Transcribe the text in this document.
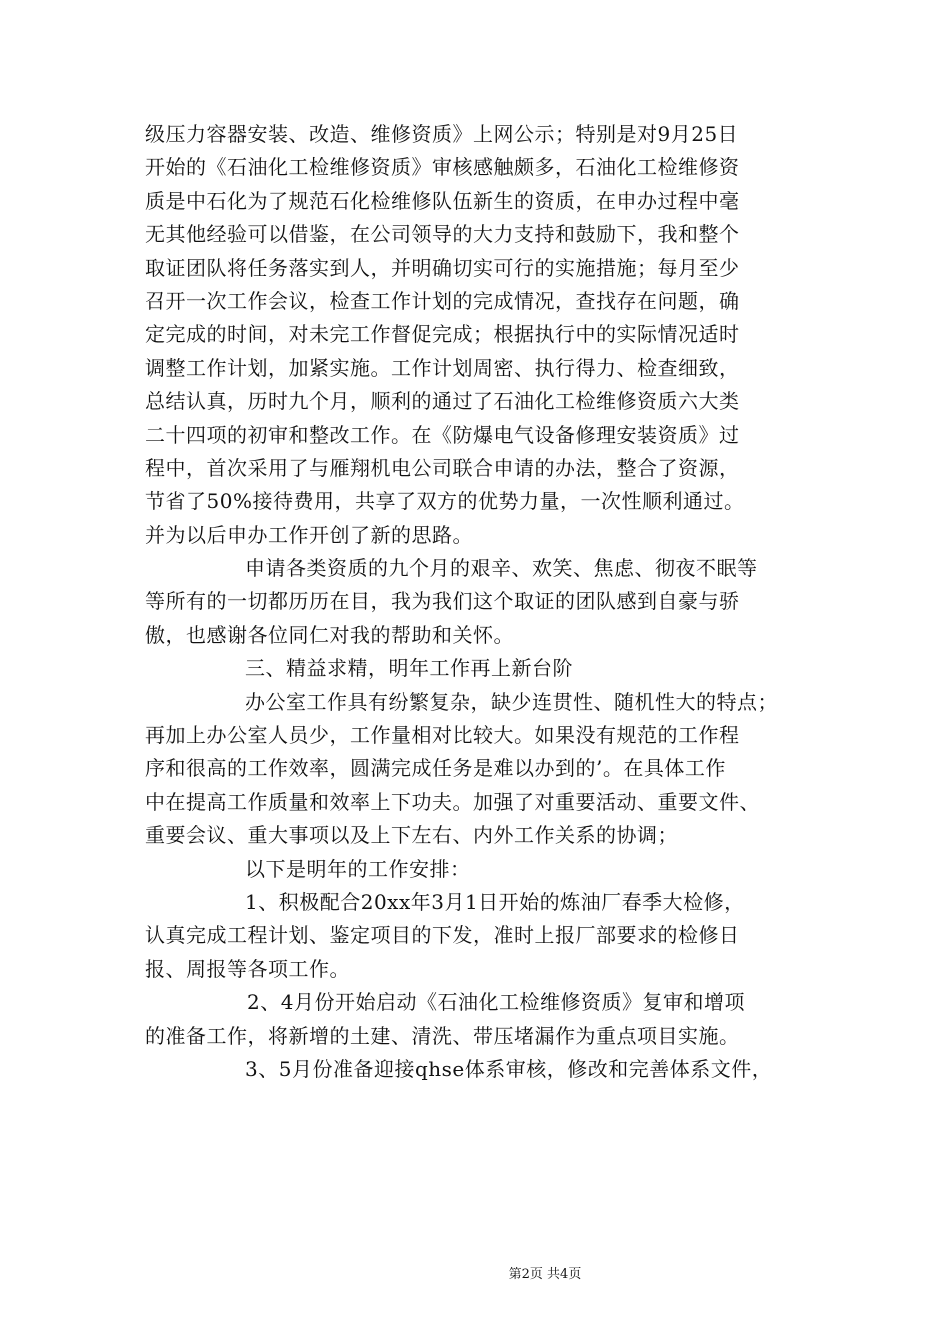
级压力容器安装、改造、维修资质》上网公示；特别是对9月25日
开始的《石油化工检维修资质》审核感触颇多，石油化工检维修资
质是中石化为了规范石化检维修队伍新生的资质，在申办过程中毫
无其他经验可以借鉴，在公司领导的大力支持和鼓励下，我和整个
取证团队将任务落实到人，并明确切实可行的实施措施；每月至少
召开一次工作会议，检查工作计划的完成情况，查找存在问题，确
定完成的时间，对未完工作督促完成；根据执行中的实际情况适时
调整工作计划，加紧实施。工作计划周密、执行得力、检查细致，
总结认真，历时九个月，顺利的通过了石油化工检维修资质六大类
二十四项的初审和整改工作。在《防爆电气设备修理安装资质》过
程中，首次采用了与雁翔机电公司联合申请的办法，整合了资源，
节省了50%接待费用，共享了双方的优势力量，一次性顺利通过。
并为以后申办工作开创了新的思路。
申请各类资质的九个月的艰辛、欢笑、焦虑、彻夜不眠等
等所有的一切都历历在目，我为我们这个取证的团队感到自豪与骄
傲，也感谢各位同仁对我的帮助和关怀。
三、精益求精，明年工作再上新台阶
办公室工作具有纷繁复杂，缺少连贯性、随机性大的特点；
再加上办公室人员少，工作量相对比较大。如果没有规范的工作程
序和很高的工作效率，圆满完成任务是难以办到的’。在具体工作
中在提高工作质量和效率上下功夫。加强了对重要活动、重要文件、
重要会议、重大事项以及上下左右、内外工作关系的协调；
以下是明年的工作安排：
1、积极配合20xx年3月1日开始的炼油厂春季大检修，
认真完成工程计划、鉴定项目的下发，准时上报厂部要求的检修日
报、周报等各项工作。
2、4月份开始启动《石油化工检维修资质》复审和增项
的准备工作，将新增的土建、清洗、带压堵漏作为重点项目实施。
3、5月份准备迎接qhse体系审核，修改和完善体系文件，
第2页 共4页
